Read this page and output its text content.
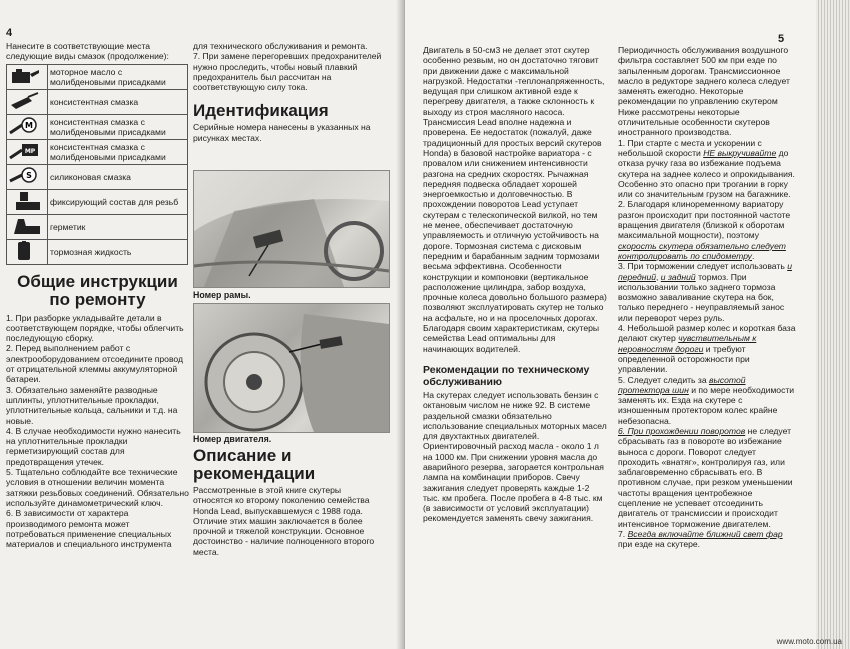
4

Нанесите в соответствующие места следующие виды смазок (продолжение):

	моторное масло с молибденовыми присадками
	консистентная смазка

M	консистентная смазка с молибденовыми присадками

MP	консистентная смазка с молибденовыми присадками

S	силиконовая смазка
	фиксирующий состав для резьб
	герметик
	тормозная жидкость
Общие инструкции по ремонту

1. При разборке укладывайте детали в соответствующем порядке, чтобы облегчить последующую сборку.

2. Перед выполнением работ с электрооборудованием отсоедините провод от отрицательной клеммы аккумуляторной батареи.

3. Обязательно заменяйте разводные шплинты, уплотнительные прокладки, уплотнительные кольца, сальники и т.д. на новые.

4. В случае необходимости нужно нанесить на уплотнительные прокладки герметизирующий состав для предотвращения утечек.

5. Тщательно соблюдайте все технические условия в отношении величин момента затяжки резьбовых соединений. Обязательно используйте динамометрический ключ.

6. В зависимости от характера производимого ремонта может потребоваться применение специальных материалов и специального инструмента

для технического обслуживания и ремонта.

7. При замене перегоревших предохранителей нужно проследить, чтобы новый плавкий предохранитель был рассчитан на соответствующую силу тока.

Идентификация

Серийные номера нанесены в указанных на рисунках местах.

Номер рамы.
Номер двигателя.
Описание и рекомендации

Рассмотренные в этой книге скутеры относятся ко второму поколению семейства Honda Lead, выпускавшемуся с 1988 года.

Отличие этих машин заключается в более прочной и тяжелой конструкции. Основное достоинство - наличие полноценного второго места.

5

Двигатель в 50-см3 не делает этот скутер особенно резвым, но он достаточно тяговит при движении даже с максимальной нагрузкой. Недостатки -теплонапряженность, ведущая при слишком активной езде к перегреву двигателя, а также склонность к выходу из строя масляного насоса. Трансмиссия Lead вполне надежна и проверена. Ее недостаток (пожалуй, даже традиционный для простых версий скутеров Honda) в базовой настройке вариатора - с провалом или снижением интенсивности разгона на средних скоростях. Рычажная передняя подвеска обладает хорошей энергоемкостью и долговечностью. В прохождении поворотов Lead уступает скутерам с телескопической вилкой, но тем не менее, обеспечивает достаточную управляемость и отличную устойчивость на дороге. Тормозная система с дисковым передним и барабанным задним тормозами весьма эффективна. Особенности конструкции и компоновки (вертикальное расположение цилиндра, забор воздуха, прочные колеса довольно большого размера) позволяют эксплуатировать скутер не только на асфальте, но и на проселочных дорогах. Благодаря своим характеристикам, скутеры семейства Lead оптимальны для начинающих водителей.

Рекомендации по техническому обслуживанию

На скутерах следует использовать бензин с октановым числом не ниже 92. В системе раздельной смазки обязательно использование специальных моторных масел для двухтактных двигателей. Ориентировочный расход масла - около 1 л на 1000 км. При снижении уровня масла до аварийного резерва, загорается контрольная лампа на комбинации приборов. Свечу зажигания следует проверять каждые 1-2 тыс. км пробега. После пробега в 4-8 тыс. км (в зависимости от условий эксплуатации) рекомендуется заменять свечу зажигания.

Периодичность обслуживания воздушного фильтра составляет 500 км при езде по запыленным дорогам. Трансмиссионное масло в редукторе заднего колеса следует заменять ежегодно. Некоторые рекомендации по управлению скутером

Ниже рассмотрены некоторые отличительные особенности скутеров иностранного производства.

1. При старте с места и ускорении с небольшой скорости НЕ выкручивайте до отказа ручку газа во избежание подъема скутера на заднее колесо и опрокидывания. Особенно это опасно при трогании в горку или со значительным грузом на багажнике.

2. Благодаря клиноременному вариатору разгон происходит при постоянной частоте вращения двигателя (близкой к оборотам максимальной мощности), поэтому скорость скутера обязательно следует контролировать по спидометру.

3. При торможении следует использовать и передний, и задний тормоз. При использовании только заднего тормоза возможно заваливание скутера на бок, только переднего - неуправляемый занос или переворот через руль.

4. Небольшой размер колес и короткая база делают скутер чувствительным к неровностям дороги и требуют определенной осторожности при управлении.

5. Следует следить за высотой протектора шин и по мере необходимости заменять их. Езда на скутере с изношенным протектором колес крайне небезопасна.

6. При прохождении поворотов не следует сбрасывать газ в повороте во избежание выноса с дороги. Поворот следует проходить «внатяг», контролируя газ, или заблаговременно сбрасывать его. В противном случае, при резком уменьшении частоты вращения центробежное сцепление не успевает отсоединить двигатель от трансмиссии и происходит интенсивное торможение двигателем.

7. Всегда включайте ближний свет фар при езде на скутере.

www.moto.com.ua
